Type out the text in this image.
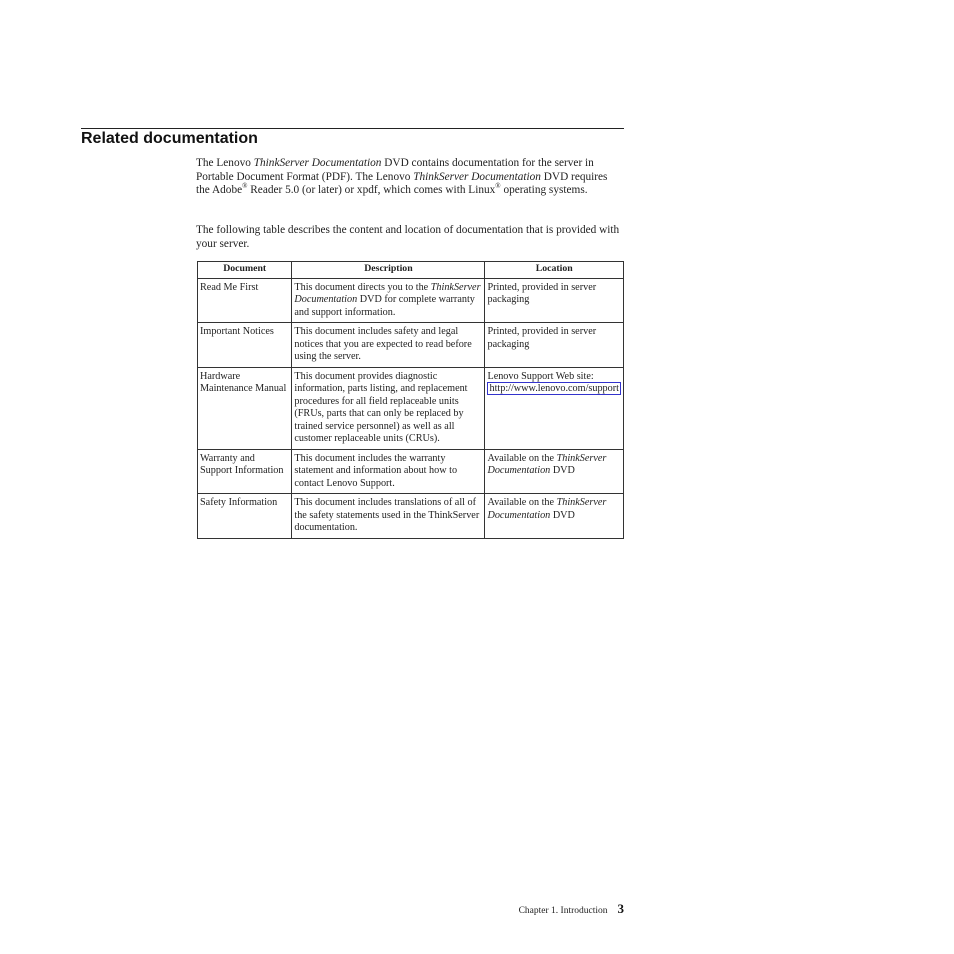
Related documentation
The Lenovo ThinkServer Documentation DVD contains documentation for the server in Portable Document Format (PDF). The Lenovo ThinkServer Documentation DVD requires the Adobe® Reader 5.0 (or later) or xpdf, which comes with Linux® operating systems.
The following table describes the content and location of documentation that is provided with your server.
Document	Description	Location
Read Me First	This document directs you to the ThinkServer Documentation DVD for complete warranty and support information.	Printed, provided in server packaging
Important Notices	This document includes safety and legal notices that you are expected to read before using the server.	Printed, provided in server packaging
Hardware Maintenance Manual	This document provides diagnostic information, parts listing, and replacement procedures for all field replaceable units (FRUs, parts that can only be replaced by trained service personnel) as well as all customer replaceable units (CRUs).	Lenovo Support Web site: http://www.lenovo.com/support
Warranty and Support Information	This document includes the warranty statement and information about how to contact Lenovo Support.	Available on the ThinkServer Documentation DVD
Safety Information	This document includes translations of all of the safety statements used in the ThinkServer documentation.	Available on the ThinkServer Documentation DVD
Chapter 1. Introduction 3
